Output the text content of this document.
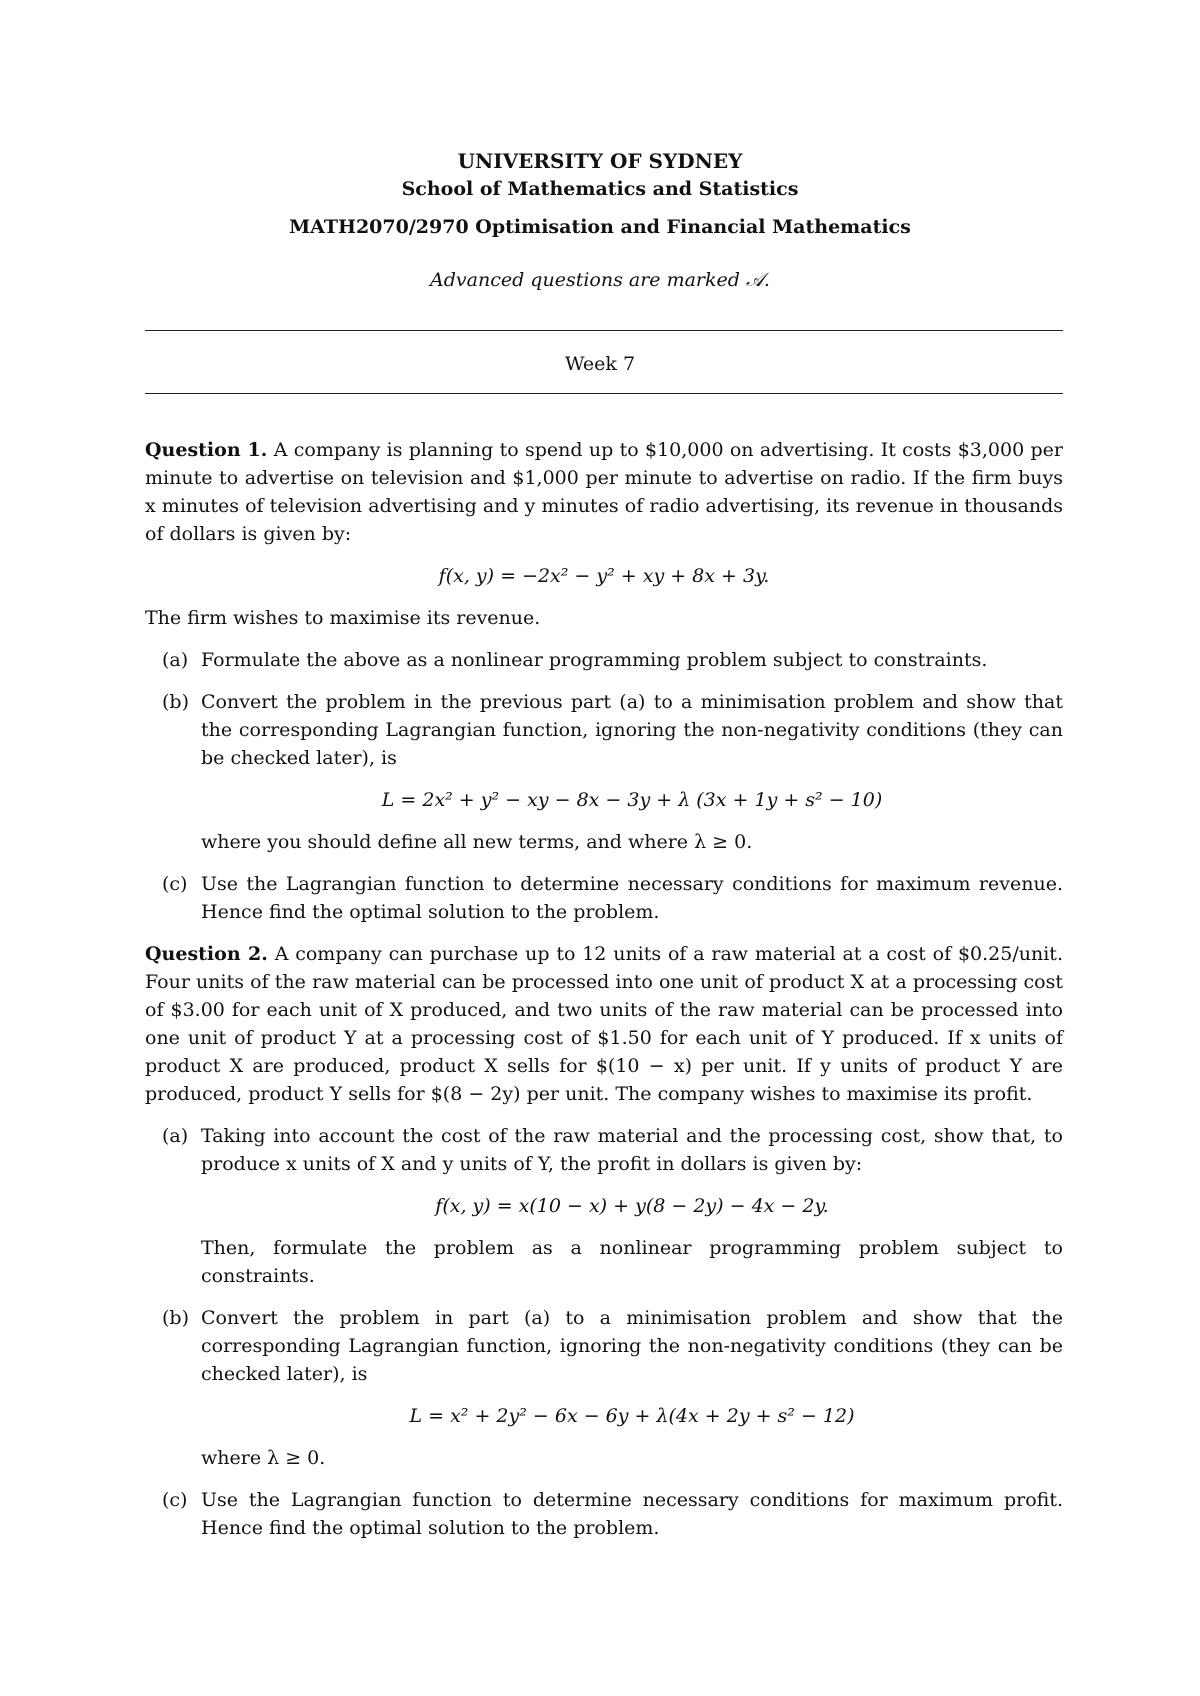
UNIVERSITY OF SYDNEY
School of Mathematics and Statistics
MATH2070/2970 Optimisation and Financial Mathematics
Advanced questions are marked 𝒜.
Week 7

Question 1. A company is planning to spend up to $10,000 on advertising. It costs $3,000 per minute to advertise on television and $1,000 per minute to advertise on radio. If the firm buys x minutes of television advertising and y minutes of radio advertising, its revenue in thousands of dollars is given by:

f(x, y) = −2x² − y² + xy + 8x + 3y.

The firm wishes to maximise its revenue.

(a) Formulate the above as a nonlinear programming problem subject to constraints.

(b) Convert the problem in the previous part (a) to a minimisation problem and show that the corresponding Lagrangian function, ignoring the non-negativity conditions (they can be checked later), is

L = 2x² + y² − xy − 8x − 3y + λ (3x + 1y + s² − 10)

where you should define all new terms, and where λ ≥ 0.

(c) Use the Lagrangian function to determine necessary conditions for maximum revenue. Hence find the optimal solution to the problem.

Question 2. A company can purchase up to 12 units of a raw material at a cost of $0.25/unit. Four units of the raw material can be processed into one unit of product X at a processing cost of $3.00 for each unit of X produced, and two units of the raw material can be processed into one unit of product Y at a processing cost of $1.50 for each unit of Y produced. If x units of product X are produced, product X sells for $(10 − x) per unit. If y units of product Y are produced, product Y sells for $(8 − 2y) per unit. The company wishes to maximise its profit.

(a) Taking into account the cost of the raw material and the processing cost, show that, to produce x units of X and y units of Y, the profit in dollars is given by:

f(x, y) = x(10 − x) + y(8 − 2y) − 4x − 2y.

Then, formulate the problem as a nonlinear programming problem subject to constraints.

(b) Convert the problem in part (a) to a minimisation problem and show that the corresponding Lagrangian function, ignoring the non-negativity conditions (they can be checked later), is

L = x² + 2y² − 6x − 6y + λ(4x + 2y + s² − 12)

where λ ≥ 0.

(c) Use the Lagrangian function to determine necessary conditions for maximum profit. Hence find the optimal solution to the problem.
